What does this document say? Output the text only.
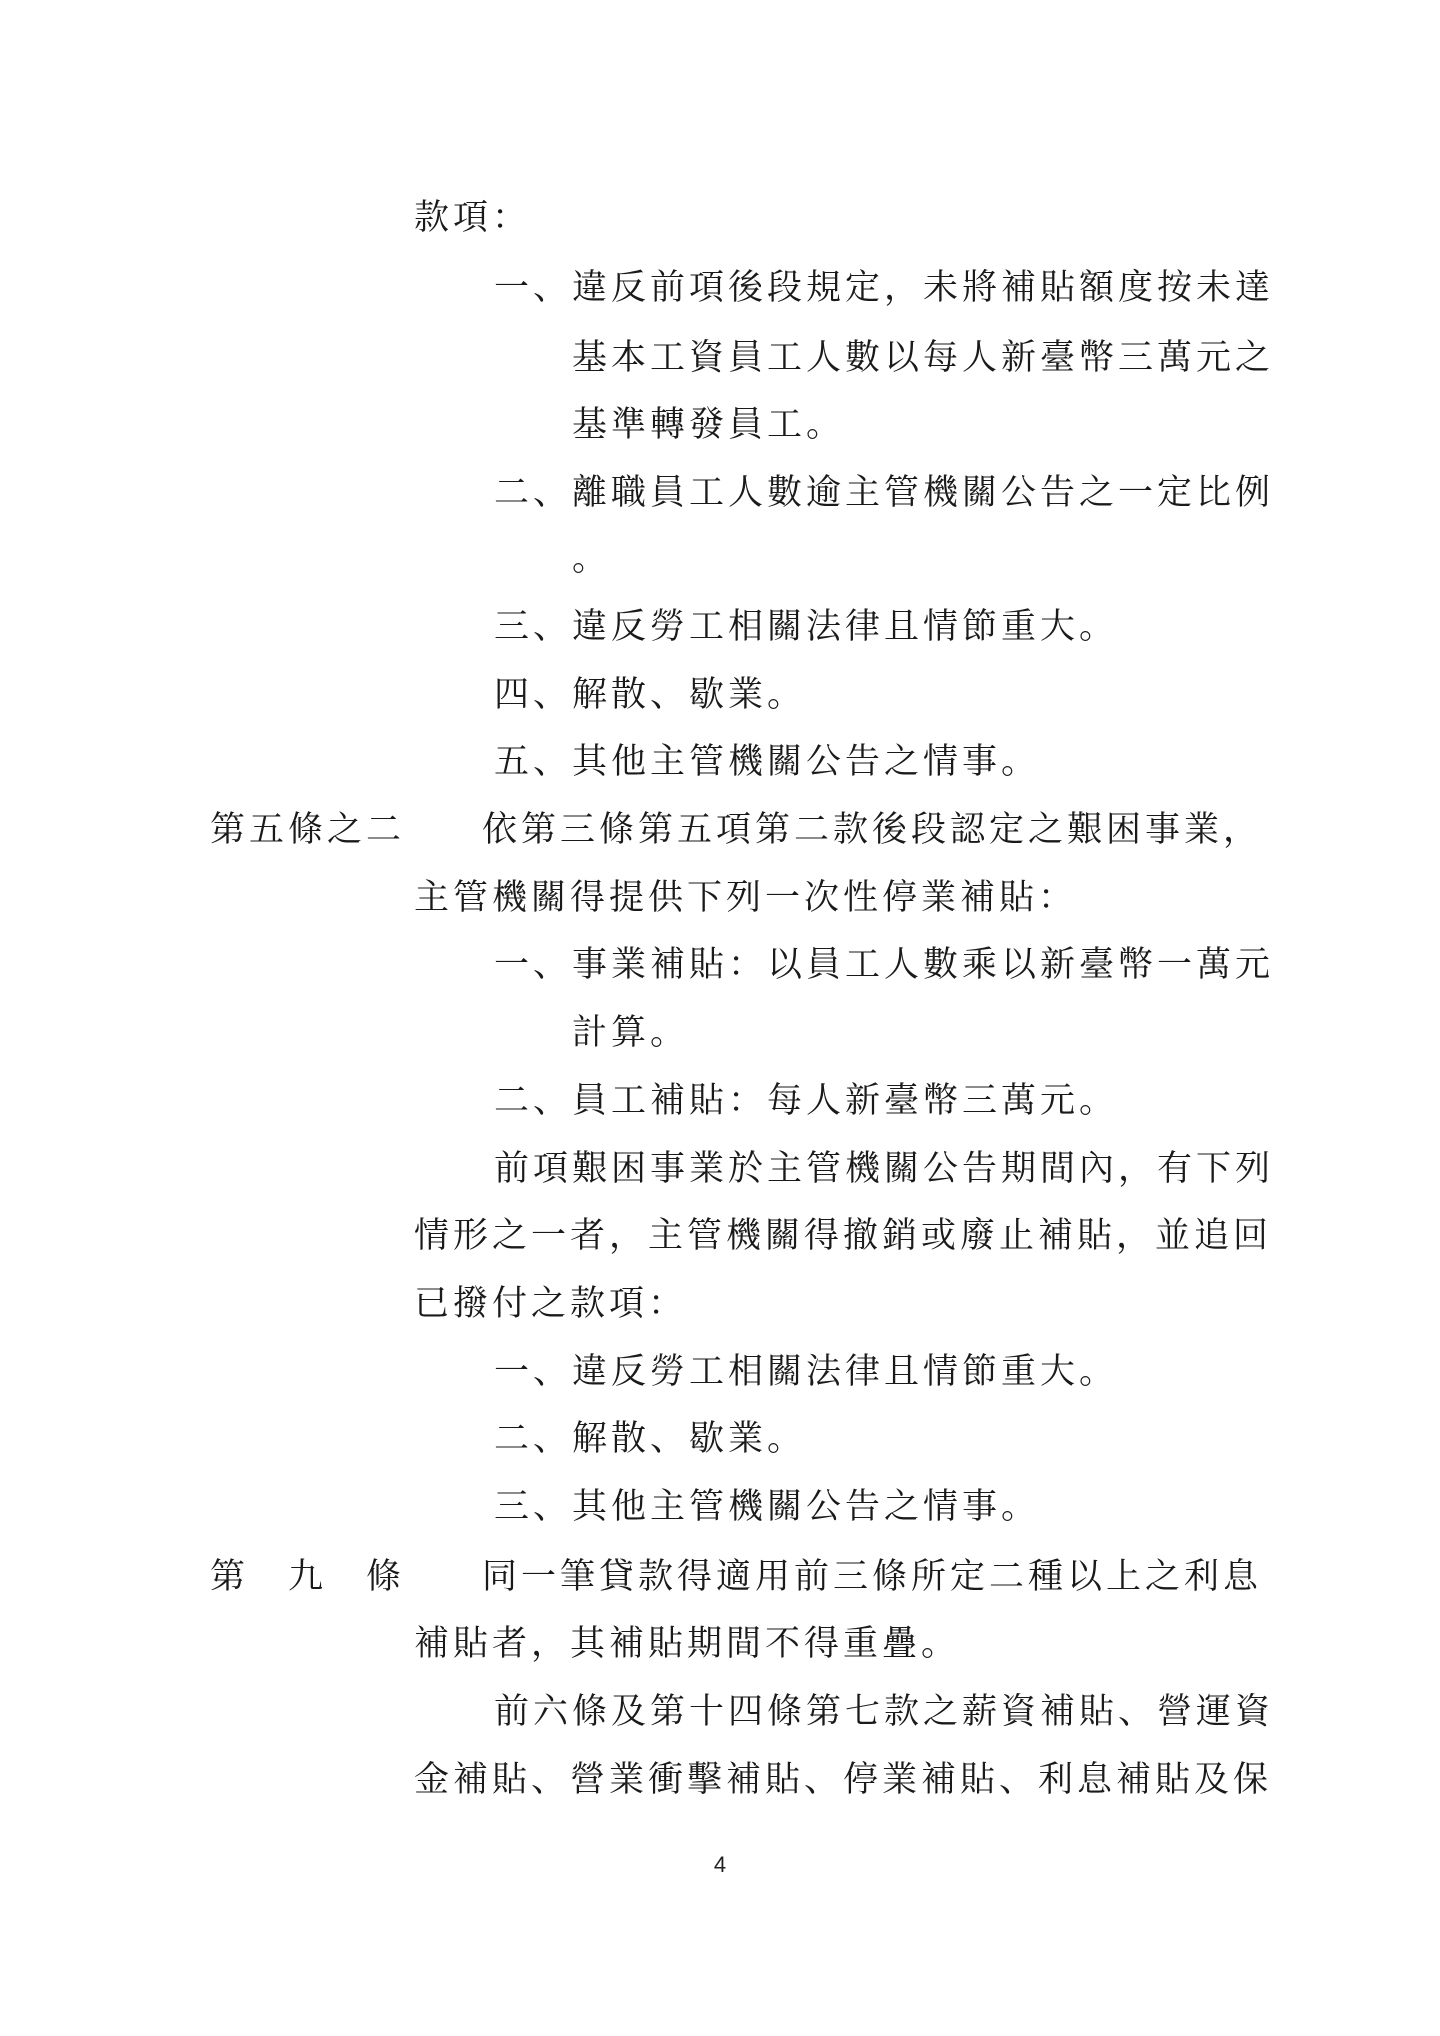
款項：
一、違反前項後段規定，未將補貼額度按未達
基本工資員工人數以每人新臺幣三萬元之
基準轉發員工。
二、離職員工人數逾主管機關公告之一定比例
。
三、違反勞工相關法律且情節重大。
四、解散、歇業。
五、其他主管機關公告之情事。
第五條之二 依第三條第五項第二款後段認定之艱困事業，
主管機關得提供下列一次性停業補貼：
一、事業補貼：以員工人數乘以新臺幣一萬元
計算。
二、員工補貼：每人新臺幣三萬元。
前項艱困事業於主管機關公告期間內，有下列
情形之一者，主管機關得撤銷或廢止補貼，並追回
已撥付之款項：
一、違反勞工相關法律且情節重大。
二、解散、歇業。
三、其他主管機關公告之情事。
第　九　條 同一筆貸款得適用前三條所定二種以上之利息
補貼者，其補貼期間不得重疊。
前六條及第十四條第七款之薪資補貼、營運資
金補貼、營業衝擊補貼、停業補貼、利息補貼及保
4
